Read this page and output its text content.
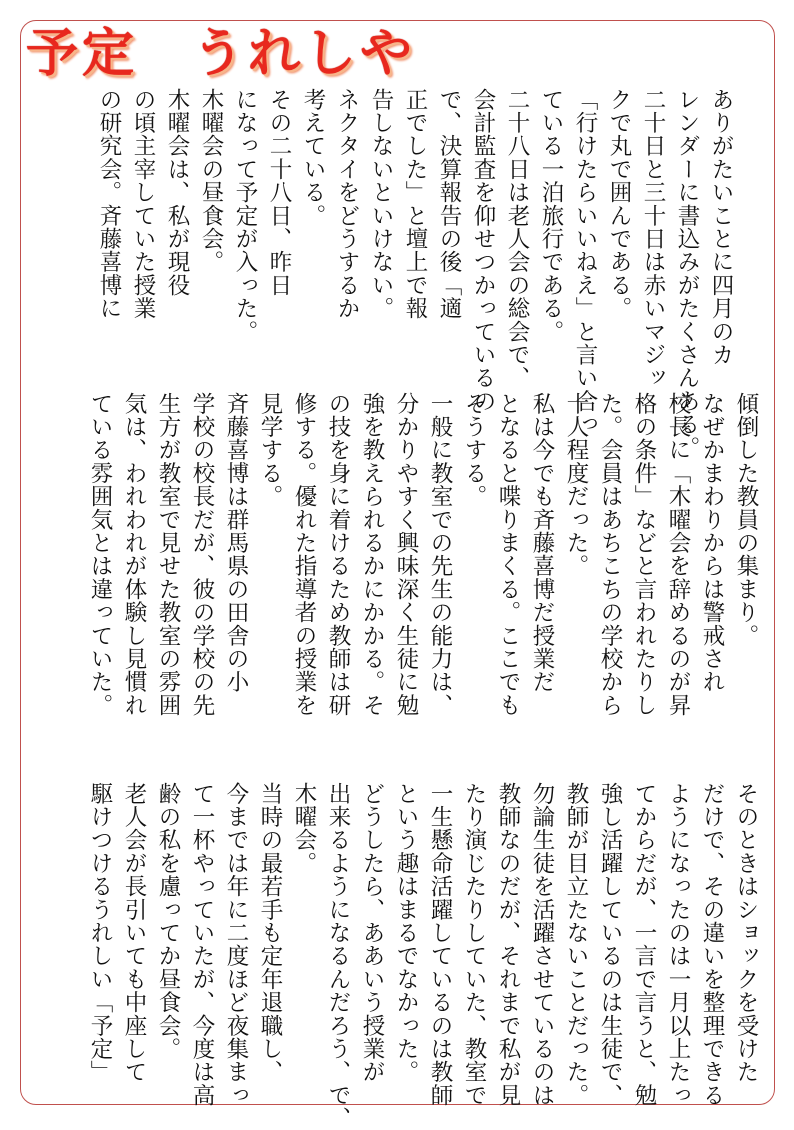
予定 うれしや
ありがたいことに四月のカ
レンダーに書込みがたくさんある。
二十日と三十日は赤いマジッ
クで丸で囲んである。
「行けたらいいねえ」と言い合っ
ている一泊旅行である。
二十八日は老人会の総会で、
会計監査を仰せつかっているの
で、決算報告の後「適
正でした」と壇上で報
告しないといけない。
ネクタイをどうするか
考えている。
その二十八日、昨日
になって予定が入った。
木曜会の昼食会。
木曜会は、私が現役
の頃主宰していた授業
の研究会。斉藤喜博に
傾倒した教員の集まり。
なぜかまわりからは警戒され
校長に「木曜会を辞めるのが昇
格の条件」などと言われたりし
た。会員はあちこちの学校から
十人程度だった。
私は今でも斉藤喜博だ授業だ
となると喋りまくる。ここでも
そうする。
一般に教室での先生の能力は、
分かりやすく興味深く生徒に勉
強を教えられるかにかかる。そ
の技を身に着けるため教師は研
修する。優れた指導者の授業を
見学する。
斉藤喜博は群馬県の田舎の小
学校の校長だが、彼の学校の先
生方が教室で見せた教室の雰囲
気は、われわれが体験し見慣れ
ている雰囲気とは違っていた。
そのときはショックを受けた
だけで、その違いを整理できる
ようになったのは一月以上たっ
てからだが、一言で言うと、勉
強し活躍しているのは生徒で、
教師が目立たないことだった。
勿論生徒を活躍させているのは
教師なのだが、それまで私が見
たり演じたりしていた、教室で
一生懸命活躍しているのは教師
という趣はまるでなかった。
どうしたら、ああいう授業が
出来るようになるんだろう、で、
木曜会。
当時の最若手も定年退職し、
今までは年に二度ほど夜集まっ
て一杯やっていたが、今度は高
齢の私を慮ってか昼食会。
老人会が長引いても中座して
駆けつけるうれしい「予定」
